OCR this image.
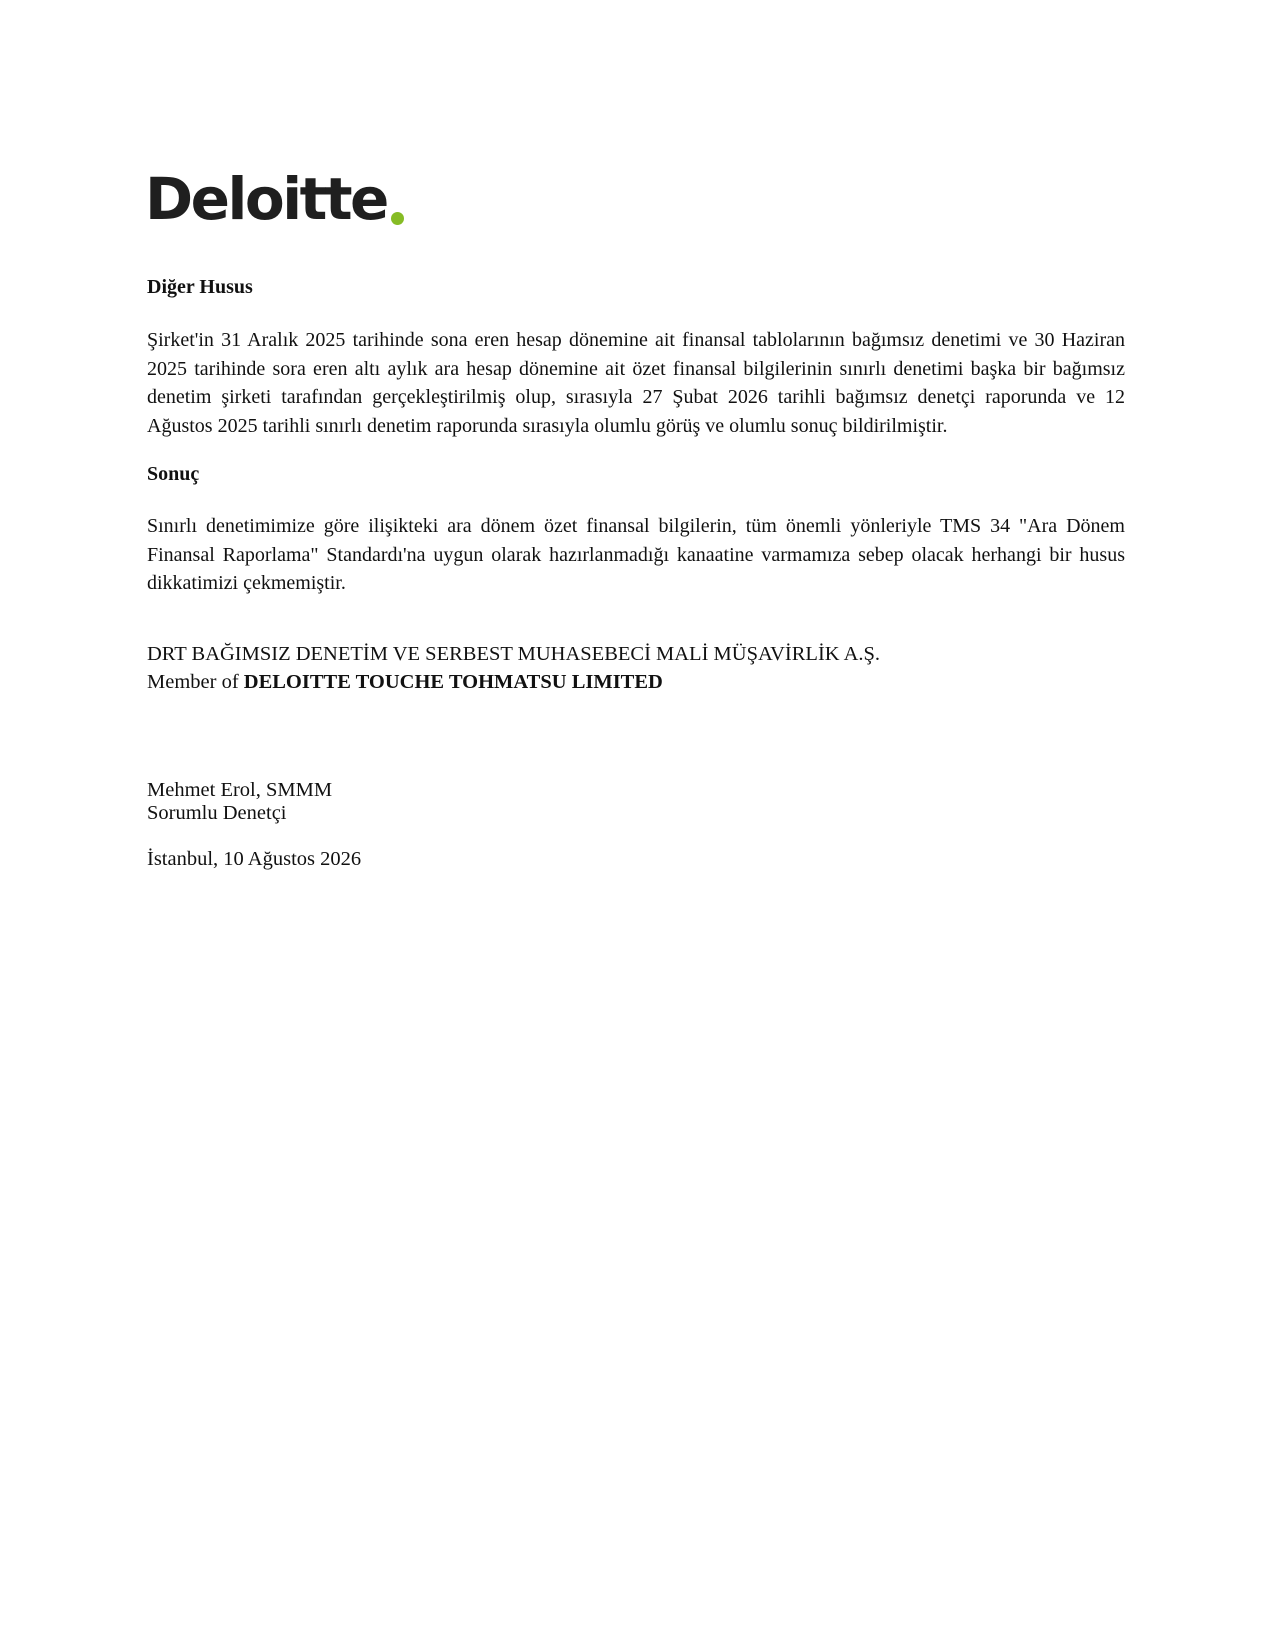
Deloitte
Diğer Husus

Şirket'in 31 Aralık 2025 tarihinde sona eren hesap dönemine ait finansal tablolarının bağımsız denetimi ve 30 Haziran 2025 tarihinde sora eren altı aylık ara hesap dönemine ait özet finansal bilgilerinin sınırlı denetimi başka bir bağımsız denetim şirketi tarafından gerçekleştirilmiş olup, sırasıyla 27 Şubat 2026 tarihli bağımsız denetçi raporunda ve 12 Ağustos 2025 tarihli sınırlı denetim raporunda sırasıyla olumlu görüş ve olumlu sonuç bildirilmiştir.

Sonuç

Sınırlı denetimimize göre ilişikteki ara dönem özet finansal bilgilerin, tüm önemli yönleriyle TMS 34 "Ara Dönem Finansal Raporlama" Standardı'na uygun olarak hazırlanmadığı kanaatine varmamıza sebep olacak herhangi bir husus dikkatimizi çekmemiştir.

DRT BAĞIMSIZ DENETİM VE SERBEST MUHASEBECİ MALİ MÜŞAVİRLİK A.Ş.

Member of DELOITTE TOUCHE TOHMATSU LIMITED

Mehmet Erol, SMMM

Sorumlu Denetçi

İstanbul, 10 Ağustos 2026
